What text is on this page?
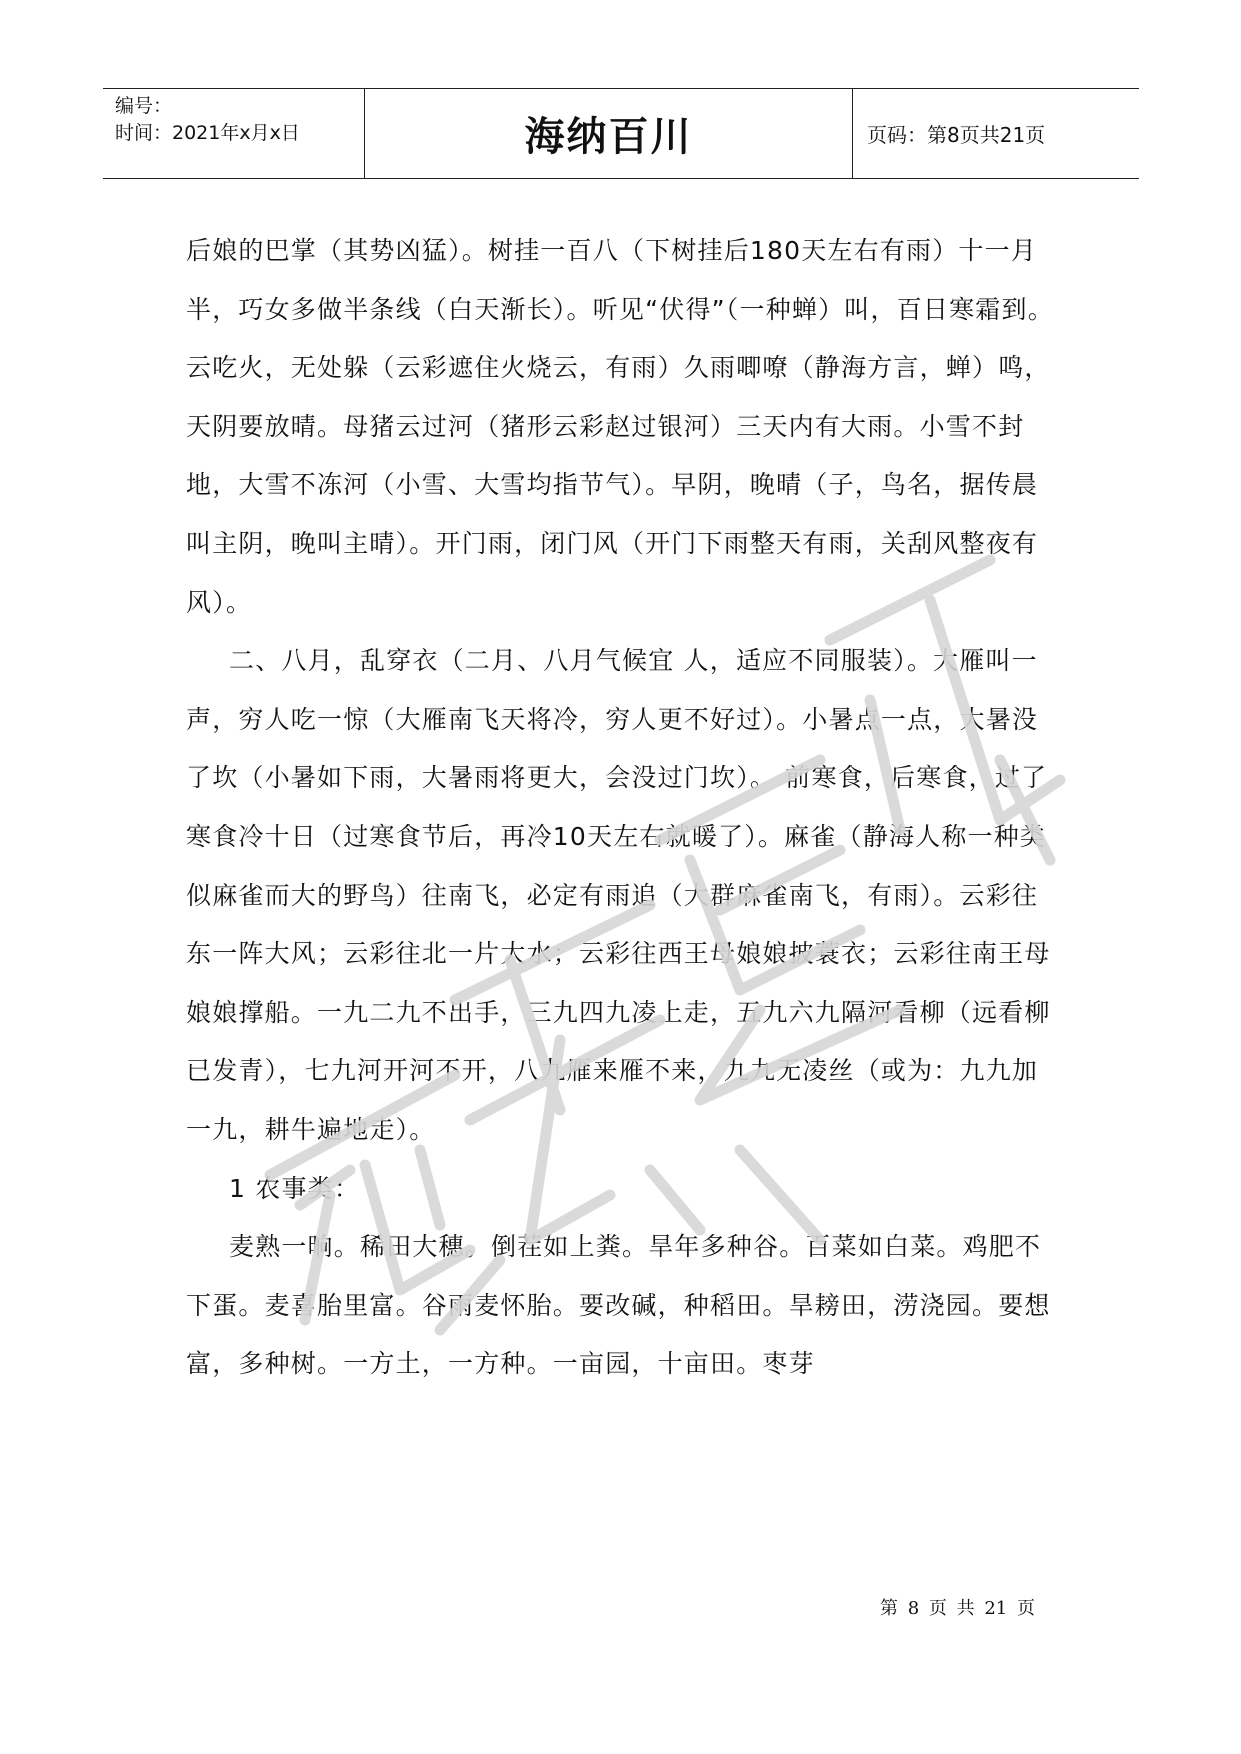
编号：
时间：2021年x月x日	海纳百川	页码：第8页共21页

后娘的巴掌（其势凶猛）。树挂一百八（下树挂后180天左右有雨）十一月半，巧女多做半条线（白天渐长）。听见“伏得”（一种蝉）叫，百日寒霜到。云吃火，无处躲（云彩遮住火烧云，有雨）久雨唧嘹（静海方言，蝉）鸣，天阴要放晴。母猪云过河（猪形云彩赵过银河）三天内有大雨。小雪不封地，大雪不冻河（小雪、大雪均指节气）。早阴，晚晴（子，鸟名，据传晨叫主阴，晚叫主晴）。开门雨，闭门风（开门下雨整天有雨，关刮风整夜有风）。

二、八月，乱穿衣（二月、八月气候宜 人，适应不同服装）。大雁叫一声，穷人吃一惊（大雁南飞天将冷，穷人更不好过）。小暑点一点，大暑没了坎（小暑如下雨，大暑雨将更大，会没过门坎）。 前寒食，后寒食，过了寒食冷十日（过寒食节后，再冷10天左右就暖了）。麻雀（静海人称一种类似麻雀而大的野鸟）往南飞，必定有雨追（大群麻雀南飞，有雨）。云彩往东一阵大风；云彩往北一片大水；云彩往西王母娘娘披蓑衣；云彩往南王母娘娘撑船。一九二九不出手，三九四九凌上走，五九六九隔河看柳（远看柳已发青），七九河开河不开，八九雁来雁不来，九九无凌丝（或为：九九加一九，耕牛遍地走）。

1 农事类：

麦熟一晌。稀田大穗。倒茬如上粪。旱年多种谷。百菜如白菜。鸡肥不下蛋。麦喜胎里富。谷雨麦怀胎。要改碱，种稻田。旱耪田，涝浇园。要想富，多种树。一方土，一方种。一亩园，十亩田。枣芽

第 8 页 共 21 页
